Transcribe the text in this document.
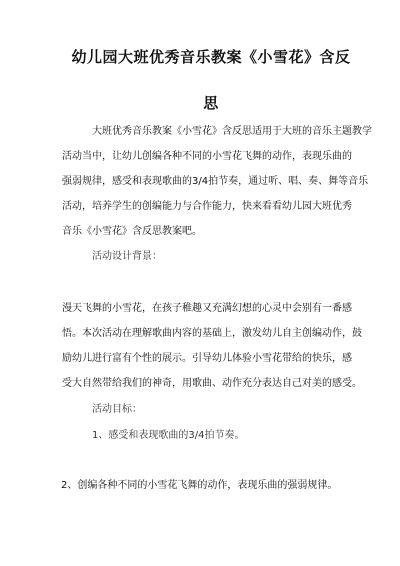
幼儿园大班优秀音乐教案《小雪花》含反
思
大班优秀音乐教案《小雪花》含反思适用于大班的音乐主题教学
活动当中，让幼儿创编各种不同的小雪花飞舞的动作，表现乐曲的
强弱规律，感受和表现歌曲的3/4拍节奏，通过听、唱、奏、舞等音乐
活动，培养学生的创编能力与合作能力，快来看看幼儿园大班优秀
音乐《小雪花》含反思教案吧。
活动设计背景：
漫天飞舞的小雪花，在孩子稚趣又充满幻想的心灵中会别有一番感
悟。本次活动在理解歌曲内容的基础上，激发幼儿自主创编动作，鼓
励幼儿进行富有个性的展示。引导幼儿体验小雪花带给的快乐，感
受大自然带给我们的神奇，用歌曲、动作充分表达自己对美的感受。
活动目标：
1、感受和表现歌曲的3/4拍节奏。
2、创编各种不同的小雪花飞舞的动作，表现乐曲的强弱规律。
